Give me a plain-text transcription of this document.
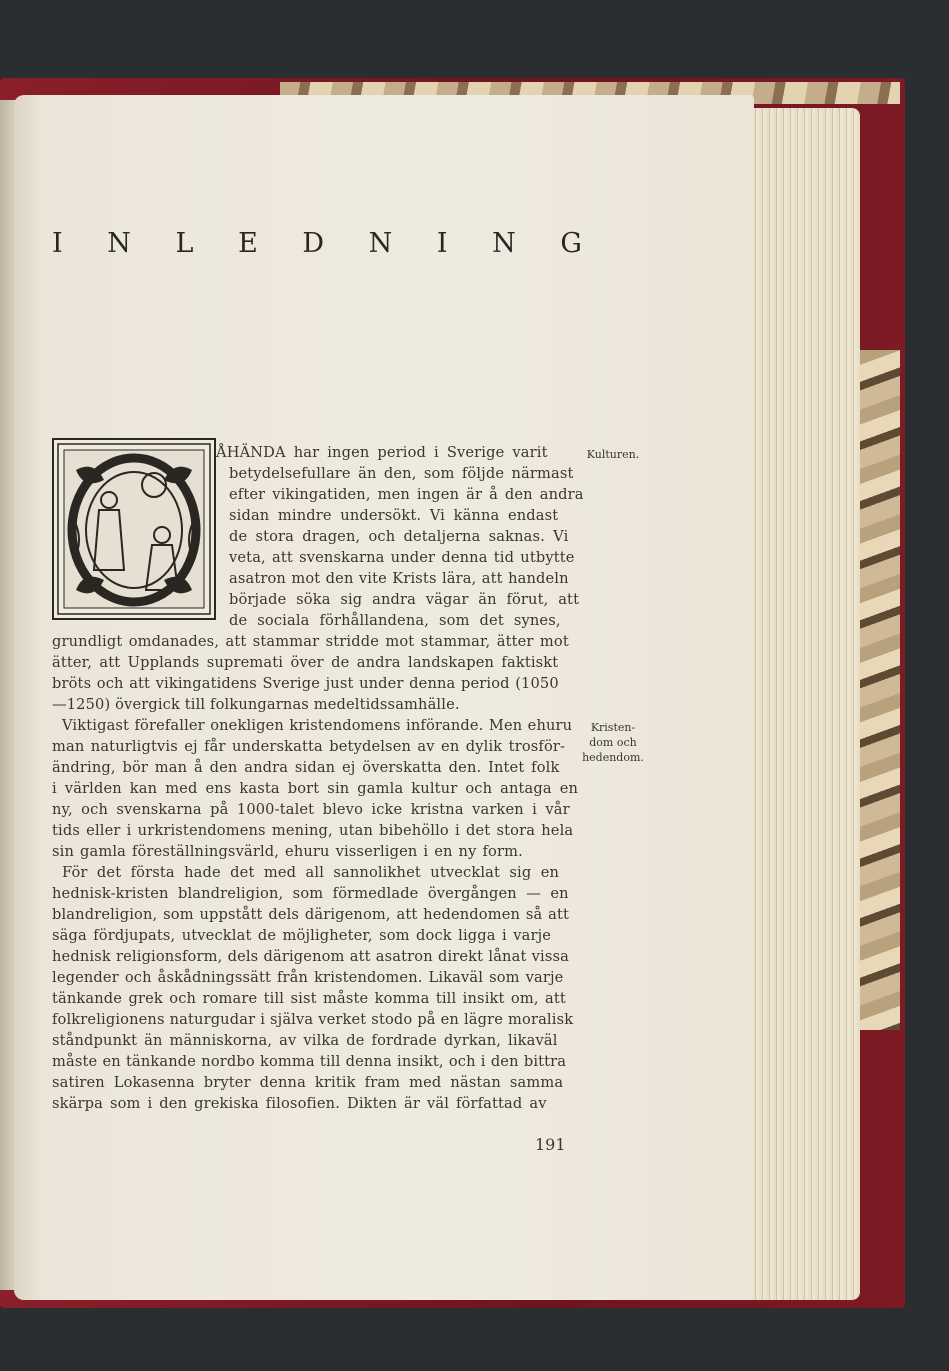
I N L E D N I N G
Kulturen.
Kristen-
dom och
hedendom.
ÅHÄNDA har ingen period i Sverige varit
betydelsefullare än den, som följde närmast
efter vikingatiden, men ingen är å den andra
sidan mindre undersökt. Vi känna endast
de stora dragen, och detaljerna saknas. Vi
veta, att svenskarna under denna tid utbytte
asatron mot den vite Krists lära, att handeln
började söka sig andra vägar än förut, att
de sociala förhållandena, som det synes,
grundligt omdanades, att stammar stridde mot stammar, ätter mot
ätter, att Upplands suprematі över de andra landskapen faktiskt
bröts och att vikingatidens Sverige just under denna period (1050
—1250) övergick till folkungarnas medeltidssamhälle.
Viktigast förefaller onekligen kristendomens införande. Men ehuru
man naturligtvis ej får underskatta betydelsen av en dylik trosför-
ändring, bör man å den andra sidan ej överskatta den. Intet folk
i världen kan med ens kasta bort sin gamla kultur och antaga en
ny, och svenskarna på 1000-talet blevo icke kristna varken i vår
tids eller i urkristendomens mening, utan bibehöllo i det stora hela
sin gamla föreställningsvärld, ehuru visserligen i en ny form.
För det första hade det med all sannolikhet utvecklat sig en
hednisk-kristen blandreligion, som förmedlade övergången — en
blandreligion, som uppstått dels därigenom, att hedendomen så att
säga fördjupats, utvecklat de möjligheter, som dock ligga i varje
hednisk religionsform, dels därigenom att asatron direkt lånat vissa
legender och åskådningssätt från kristendomen. Likaväl som varje
tänkande grek och romare till sist måste komma till insikt om, att
folkreligionens naturgudar i själva verket stodo på en lägre moralisk
ståndpunkt än människorna, av vilka de fordrade dyrkan, likaväl
måste en tänkande nordbo komma till denna insikt, och i den bittra
satiren Lokasenna bryter denna kritik fram med nästan samma
skärpa som i den grekiska filosofien. Dikten är väl författad av
191
